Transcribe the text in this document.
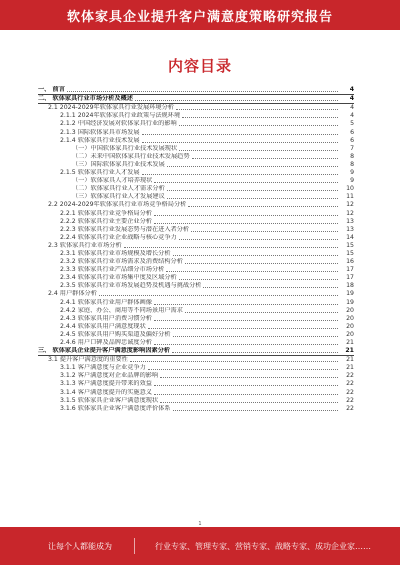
软体家具企业提升客户满意度策略研究报告
内容目录
一、 前言	4
二、 软体家具行业市场分析及概述	4
2.1 2024-2029年软体家具行业发展环境分析	4
2.1.1 2024年软体家具行业政策与法规环境	4
2.1.2 中国经济发展对软体家具行业的影响	5
2.1.3 国际软体家具市场发展	6
2.1.4 软体家具行业技术发展	6
（一）中国软体家具行业技术发展现状	7
（二）未来中国软体家具行业技术发展趋势	8
（三）国际软体家具行业技术发展	8
2.1.5 软体家具行业人才发展	9
（一）软体家具人才培养现状	9
（二）软体家具行业人才需求分析	10
（三）软体家具行业人才发展建议	11
2.2 2024-2029年软体家具行业市场竞争格局分析	12
2.2.1 软体家具行业竞争格局分析	12
2.2.2 软体家具行业主要企业分析	13
2.2.3 软体家具行业发展态势与潜在进入者分析	13
2.2.4 软体家具行业企业战略与核心竞争力	14
2.3 软体家具行业市场分析	15
2.3.1 软体家具行业市场规模及增长分析	15
2.3.2 软体家具行业市场需求及消费结构分析	16
2.3.3 软体家具行业产品细分市场分析	17
2.3.4 软体家具行业市场集中度及区域分析	17
2.3.5 软体家具行业市场发展趋势及机遇与挑战分析	18
2.4 用户群体分析	19
2.4.1 软体家具行业用户群体画像	19
2.4.2 家庭、办公、商用等不同场景用户需求	20
2.4.3 软体家具用户消费习惯分析	20
2.4.4 软体家具用户满意度现状	20
2.4.5 软体家具用户购买渠道及偏好分析	20
2.4.6 用户口碑及品牌忠诚度分析	21
三、 软体家具企业提升客户满意度影响因素分析	21
3.1 提升客户满意度的重要性	21
3.1.1 客户满意度与企业竞争力	21
3.1.2 客户满意度对企业品牌的影响	22
3.1.3 客户满意度提升带来的效益	22
3.1.4 客户满意度提升的实施意义	22
3.1.5 软体家具企业客户满意度现状	22
3.1.6 软体家具企业客户满意度评价体系	22
1
让每个人都能成为	行业专家、管理专家、营销专家、战略专家、成功企业家……
